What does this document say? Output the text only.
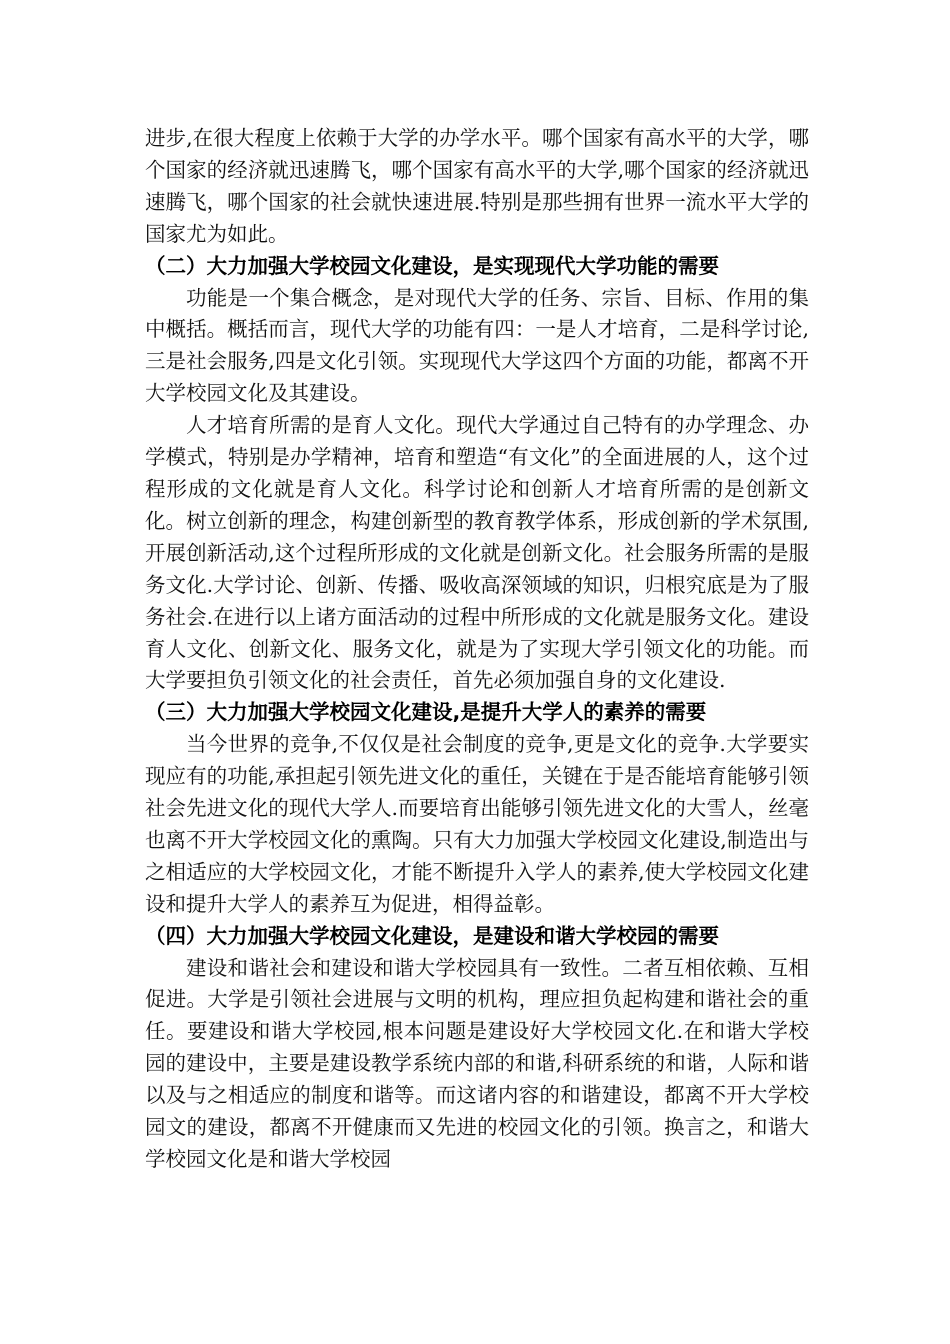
进步,在很大程度上依赖于大学的办学水平。哪个国家有高水平的大学，哪个国家的经济就迅速腾飞，哪个国家有高水平的大学,哪个国家的经济就迅速腾飞，哪个国家的社会就快速进展.特别是那些拥有世界一流水平大学的国家尤为如此。

（二）大力加强大学校园文化建设，是实现现代大学功能的需要

功能是一个集合概念，是对现代大学的任务、宗旨、目标、作用的集中概括。概括而言，现代大学的功能有四：一是人才培育，二是科学讨论,三是社会服务,四是文化引领。实现现代大学这四个方面的功能，都离不开大学校园文化及其建设。

人才培育所需的是育人文化。现代大学通过自己特有的办学理念、办学模式，特别是办学精神，培育和塑造“有文化”的全面进展的人，这个过程形成的文化就是育人文化。科学讨论和创新人才培育所需的是创新文化。树立创新的理念，构建创新型的教育教学体系，形成创新的学术氛围,开展创新活动,这个过程所形成的文化就是创新文化。社会服务所需的是服务文化.大学讨论、创新、传播、吸收高深领域的知识，归根究底是为了服务社会.在进行以上诸方面活动的过程中所形成的文化就是服务文化。建设育人文化、创新文化、服务文化，就是为了实现大学引领文化的功能。而大学要担负引领文化的社会责任，首先必须加强自身的文化建设.

（三）大力加强大学校园文化建设,是提升大学人的素养的需要

当今世界的竞争,不仅仅是社会制度的竞争,更是文化的竞争.大学要实现应有的功能,承担起引领先进文化的重任，关键在于是否能培育能够引领社会先进文化的现代大学人.而要培育出能够引领先进文化的大雪人，丝毫也离不开大学校园文化的熏陶。只有大力加强大学校园文化建设,制造出与之相适应的大学校园文化，才能不断提升入学人的素养,使大学校园文化建设和提升大学人的素养互为促进，相得益彰。

（四）大力加强大学校园文化建设，是建设和谐大学校园的需要

建设和谐社会和建设和谐大学校园具有一致性。二者互相依赖、互相促进。大学是引领社会进展与文明的机构，理应担负起构建和谐社会的重任。要建设和谐大学校园,根本问题是建设好大学校园文化.在和谐大学校园的建设中，主要是建设教学系统内部的和谐,科研系统的和谐，人际和谐以及与之相适应的制度和谐等。而这诸内容的和谐建设，都离不开大学校园文的建设，都离不开健康而又先进的校园文化的引领。换言之，和谐大学校园文化是和谐大学校园
